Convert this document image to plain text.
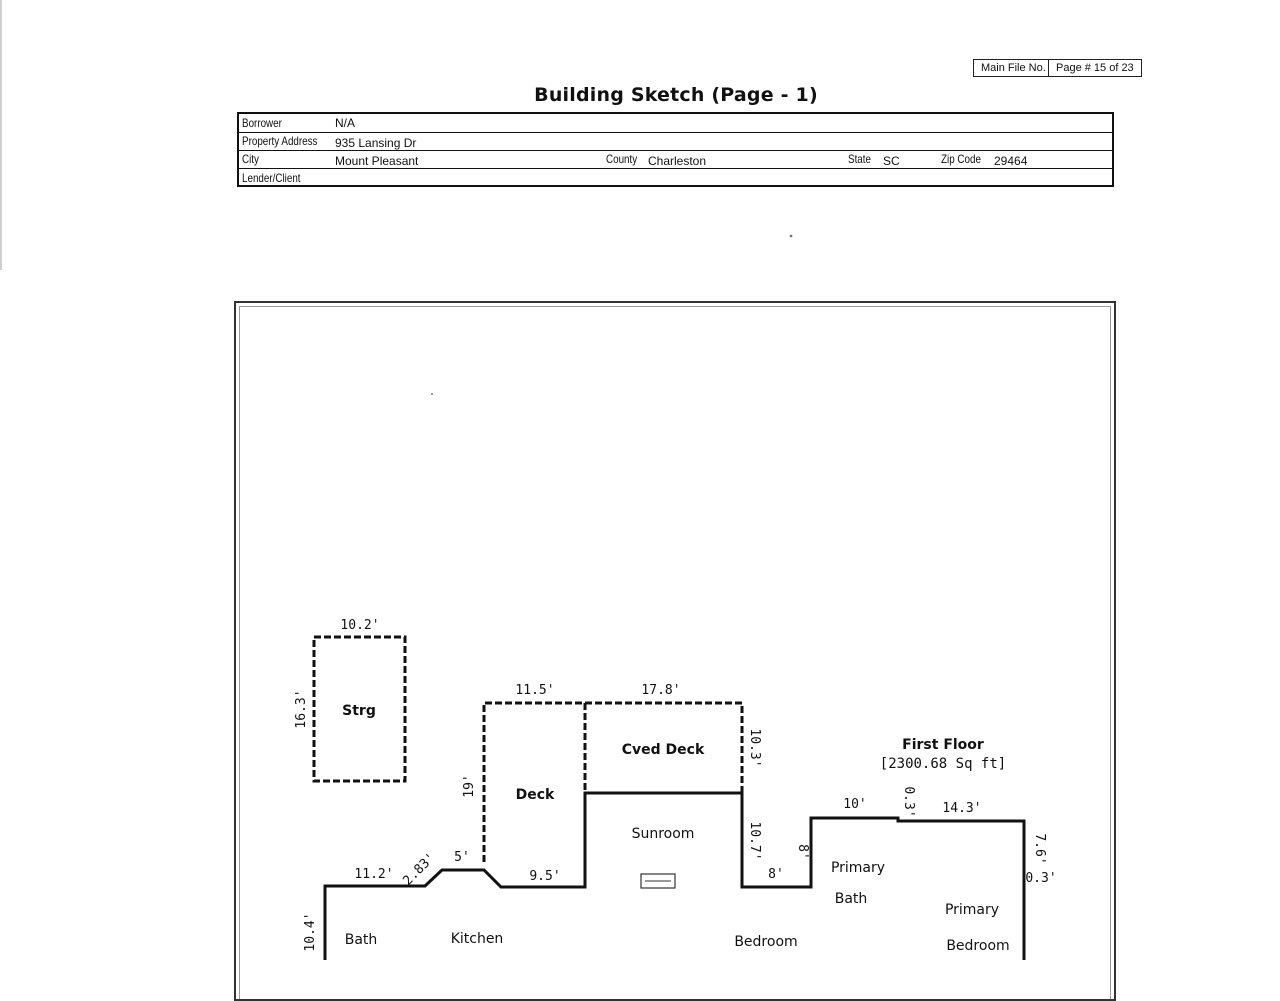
Main File No. Page # 15 of 23
Building Sketch (Page - 1)
Borrower	N/A
Property Address 935 Lansing Dr
City	Mount Pleasant	County Charleston	State SC	Zip Code 29464
Lender/Client
Strg
Deck
Cved Deck
Sunroom
Primary
Bath
Primary
Bedroom
Bath	Kitchen	Bedroom
First Floor
[2300.68 Sq ft]
10.2'
16.3'	11.5'	17.8'
10.3'
19'
9.5'
5'
2.83'
11.2'
10.4'
10.7'
8'
8'
10'	0.3' 14.3'
7.6'
0.3'
